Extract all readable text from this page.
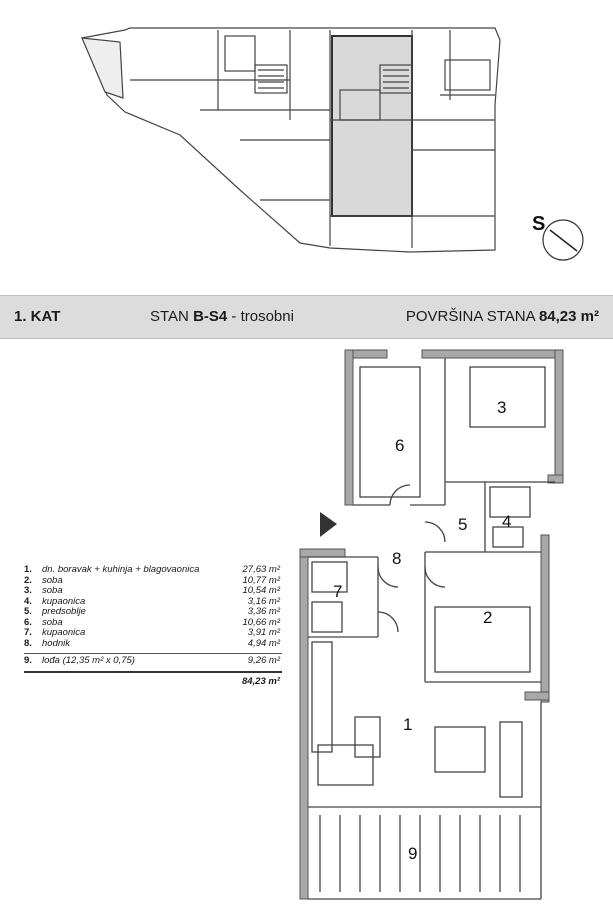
S
1. KAT	STAN B-S4 - trosobni	POVRŠINA STANA 84,23 m²
1
2
3
4
5
6
7
8
9
1. dn. boravak + kuhinja + blagovaonica	27,63 m²
2. soba	10,77 m²
3. soba	10,54 m²
4. kupaonica	3,16 m²
5. predsoblje	3,36 m²
6. soba	10,66 m²
7. kupaonica	3,91 m²
8. hodnik	4,94 m²
9. lođa (12,35 m² x 0,75)	9,26 m²
84,23 m²
